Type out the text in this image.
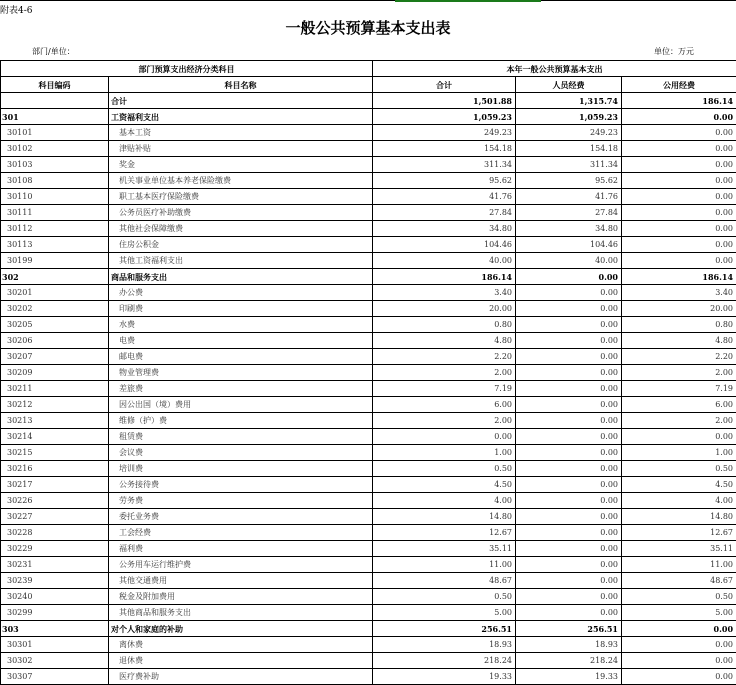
附表4-6
一般公共预算基本支出表
部门/单位：	单位：万元
部门预算支出经济分类科目		本年一般公共预算基本支出		
科目编码	科目名称	合计	人员经费	公用经费
	合计	1,501.88	1,315.74	186.14
301	工资福利支出	1,059.23	1,059.23	0.00
30101	基本工资	249.23	249.23	0.00
30102	津贴补贴	154.18	154.18	0.00
30103	奖金	311.34	311.34	0.00
30108	机关事业单位基本养老保险缴费	95.62	95.62	0.00
30110	职工基本医疗保险缴费	41.76	41.76	0.00
30111	公务员医疗补助缴费	27.84	27.84	0.00
30112	其他社会保障缴费	34.80	34.80	0.00
30113	住房公积金	104.46	104.46	0.00
30199	其他工资福利支出	40.00	40.00	0.00
302	商品和服务支出	186.14	0.00	186.14
30201	办公费	3.40	0.00	3.40
30202	印刷费	20.00	0.00	20.00
30205	水费	0.80	0.00	0.80
30206	电费	4.80	0.00	4.80
30207	邮电费	2.20	0.00	2.20
30209	物业管理费	2.00	0.00	2.00
30211	差旅费	7.19	0.00	7.19
30212	因公出国（境）费用	6.00	0.00	6.00
30213	维修（护）费	2.00	0.00	2.00
30214	租赁费	0.00	0.00	0.00
30215	会议费	1.00	0.00	1.00
30216	培训费	0.50	0.00	0.50
30217	公务接待费	4.50	0.00	4.50
30226	劳务费	4.00	0.00	4.00
30227	委托业务费	14.80	0.00	14.80
30228	工会经费	12.67	0.00	12.67
30229	福利费	35.11	0.00	35.11
30231	公务用车运行维护费	11.00	0.00	11.00
30239	其他交通费用	48.67	0.00	48.67
30240	税金及附加费用	0.50	0.00	0.50
30299	其他商品和服务支出	5.00	0.00	5.00
303	对个人和家庭的补助	256.51	256.51	0.00
30301	离休费	18.93	18.93	0.00
30302	退休费	218.24	218.24	0.00
30307	医疗费补助	19.33	19.33	0.00
